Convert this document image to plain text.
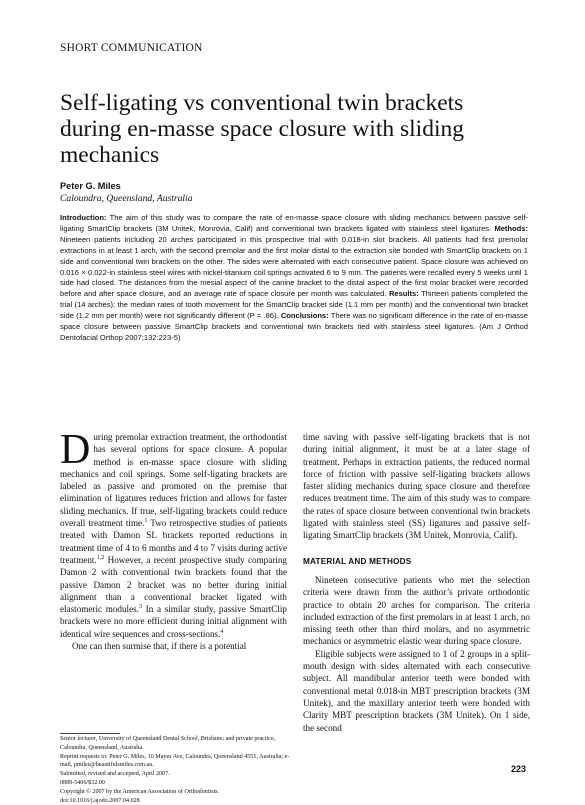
SHORT COMMUNICATION
Self-ligating vs conventional twin brackets during en-masse space closure with sliding mechanics
Peter G. Miles
Caloundra, Queensland, Australia

Introduction: The aim of this study was to compare the rate of en-masse space closure with sliding mechanics between passive self-ligating SmartClip brackets (3M Unitek, Monrovia, Calif) and conventional twin brackets ligated with stainless steel ligatures. Methods: Nineteen patients including 20 arches participated in this prospective trial with 0.018-in slot brackets. All patients had first premolar extractions in at least 1 arch, with the second premolar and the first molar distal to the extraction site bonded with SmartClip brackets on 1 side and conventional twin brackets on the other. The sides were alternated with each consecutive patient. Space closure was achieved on 0.016 × 0.022-in stainless steel wires with nickel-titanium coil springs activated 6 to 9 mm. The patients were recalled every 5 weeks until 1 side had closed. The distances from the mesial aspect of the canine bracket to the distal aspect of the first molar bracket were recorded before and after space closure, and an average rate of space closure per month was calculated. Results: Thirteen patients completed the trial (14 arches); the median rates of tooth movement for the SmartClip bracket side (1.1 mm per month) and the conventional twin bracket side (1.2 mm per month) were not significantly different (P = .86). Conclusions: There was no significant difference in the rate of en-masse space closure between passive SmartClip brackets and conventional twin brackets tied with stainless steel ligatures. (Am J Orthod Dentofacial Orthop 2007;132:223-5)

During premolar extraction treatment, the orthodontist has several options for space closure. A popular method is en-masse space closure with sliding mechanics and coil springs. Some self-ligating brackets are labeled as passive and promoted on the premise that elimination of ligatures reduces friction and allows for faster sliding mechanics. If true, self-ligating brackets could reduce overall treatment time.$^1$ Two retrospective studies of patients treated with Damon SL brackets reported reductions in treatment time of 4 to 6 months and 4 to 7 visits during active treatment.$^{1,2}$ However, a recent prospective study comparing Damon 2 with conventional twin brackets found that the passive Damon 2 bracket was no better during initial alignment than a conventional bracket ligated with elastomeric modules.$^3$ In a similar study, passive SmartClip brackets were no more efficient during initial alignment with identical wire sequences and cross-sections.$^4$

One can then surmise that, if there is a potential

time saving with passive self-ligating brackets that is not during initial alignment, it must be at a later stage of treatment. Perhaps in extraction patients, the reduced normal force of friction with passive self-ligating brackets allows faster sliding mechanics during space closure and therefore reduces treatment time. The aim of this study was to compare the rates of space closure between conventional twin brackets ligated with stainless steel (SS) ligatures and passive self-ligating SmartClip brackets (3M Unitek, Monrovia, Calif).

MATERIAL AND METHODS

Nineteen consecutive patients who met the selection criteria were drawn from the author’s private orthodontic practice to obtain 20 arches for comparison. The criteria included extraction of the first premolars in at least 1 arch, no missing teeth other than third molars, and no asymmetric mechanics or asymmetric elastic wear during space closure.

Eligible subjects were assigned to 1 of 2 groups in a split-mouth design with sides alternated with each consecutive subject. All mandibular anterior teeth were bonded with conventional metal 0.018-in MBT prescription brackets (3M Unitek), and the maxillary anterior teeth were bonded with Clarity MBT prescription brackets (3M Unitek). On 1 side, the second

Senior lecturer, University of Queensland Dental School, Brisbane; and private practice, Caloundra, Queensland, Australia.
Reprint requests to: Peter G. Miles, 10 Mayes Ave, Caloundra, Queensland 4551, Australia; e-mail, pmiles@beautifulsmiles.com.au.
Submitted, revised and accepted, April 2007.
0889-5406/$32.00
Copyright © 2007 by the American Association of Orthodontists.
doi:10.1016/j.ajodo.2007.04.028
223
